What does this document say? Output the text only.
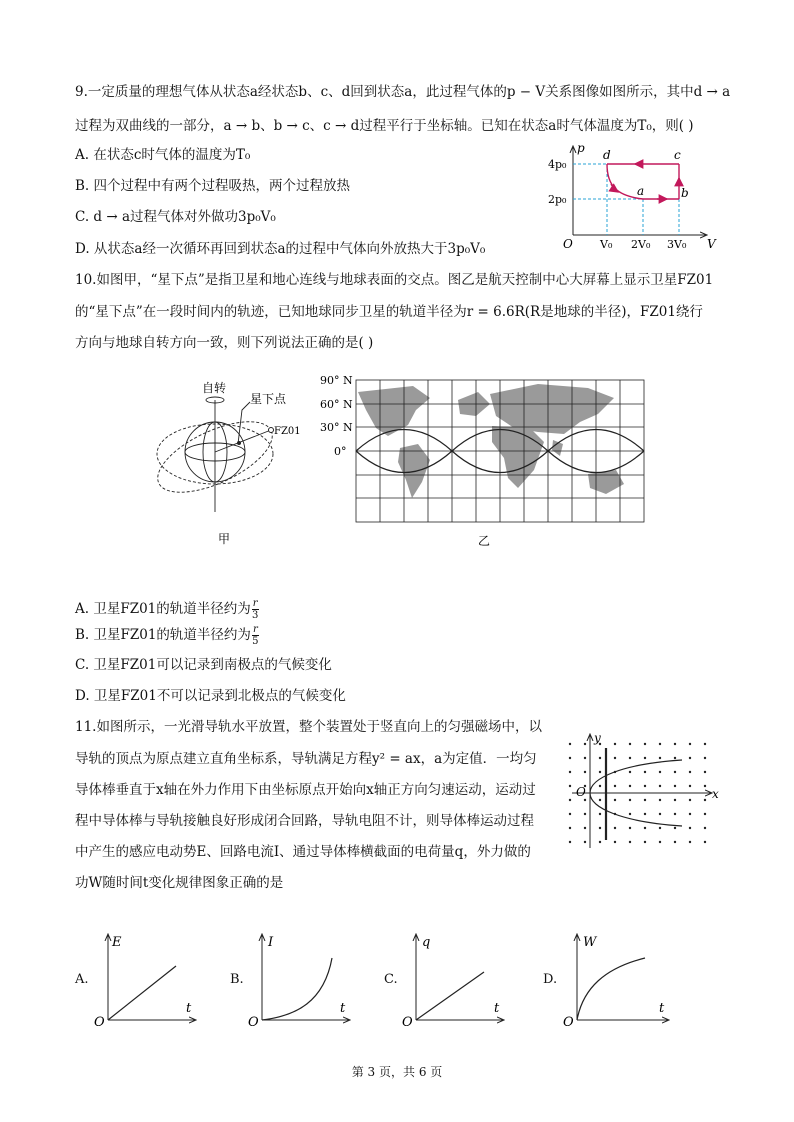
9.一定质量的理想气体从状态a经状态b、c、d回到状态a，此过程气体的p − V关系图像如图所示，其中d → a
过程为双曲线的一部分，a → b、b → c、c → d过程平行于坐标轴。已知在状态a时气体温度为T₀，则( )
A. 在状态c时气体的温度为T₀
B. 四个过程中有两个过程吸热，两个过程放热
C. d → a过程气体对外做功3p₀V₀
D. 从状态a经一次循环再回到状态a的过程中气体向外放热大于3p₀V₀
p
V
O
4p₀
2p₀
V₀ 2V₀ 3V₀
d	c
a	b
10.如图甲，“星下点”是指卫星和地心连线与地球表面的交点。图乙是航天控制中心大屏幕上显示卫星FZ01
的“星下点”在一段时间内的轨迹，已知地球同步卫星的轨道半径为r = 6.6R(R是地球的半径)，FZ01绕行
方向与地球自转方向一致，则下列说法正确的是( )
自转
星下点
FZ01
甲
90° N
60° N
30° N
0°
乙
A. 卫星FZ01的轨道半径约为 $\frac{r}{3}$
B. 卫星FZ01的轨道半径约为 $\frac{r}{5}$
C. 卫星FZ01可以记录到南极点的气候变化
D. 卫星FZ01不可以记录到北极点的气候变化
11.如图所示，一光滑导轨水平放置，整个装置处于竖直向上的匀强磁场中，以
导轨的顶点为原点建立直角坐标系，导轨满足方程y² = ax，a为定值．一均匀
导体棒垂直于x轴在外力作用下由坐标原点开始向x轴正方向匀速运动，运动过
程中导体棒与导轨接触良好形成闭合回路，导轨电阻不计，则导体棒运动过程
中产生的感应电动势E、回路电流I、通过导体棒横截面的电荷量q，外力做的
功W随时间t变化规律图象正确的是
y
x
O
A.
E
t
O
B.
I
t
O
C.
q
t
O
D.
W
t
O
第 3 页，共 6 页
